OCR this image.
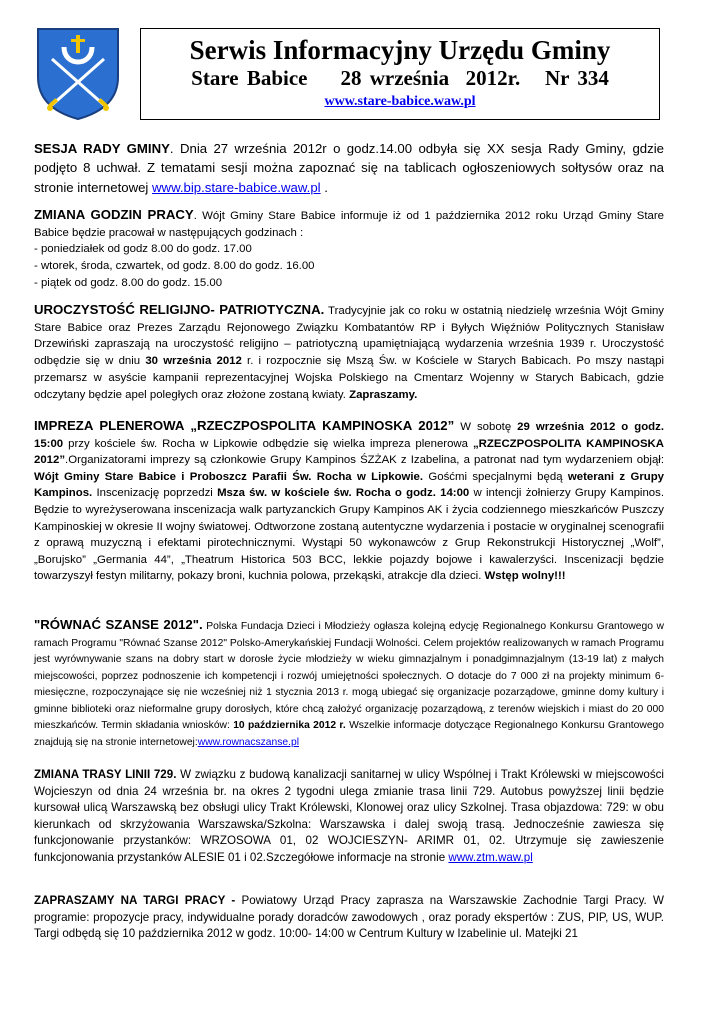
Serwis Informacyjny Urzędu Gminy
Stare Babice    28 września  2012r.   Nr 334
www.stare-babice.waw.pl

SESJA RADY GMINY. Dnia 27 września 2012r o godz.14.00 odbyła się XX sesja Rady Gminy, gdzie podjęto 8 uchwał. Z tematami sesji można zapoznać się na tablicach ogłoszeniowych sołtysów oraz na stronie internetowej www.bip.stare-babice.waw.pl .

ZMIANA GODZIN PRACY. Wójt Gminy Stare Babice informuje iż od 1 października 2012 roku Urząd Gminy Stare Babice będzie pracował w następujących godzinach :

- poniedziałek od godz 8.00 do godz. 17.00

- wtorek, środa, czwartek, od godz. 8.00 do godz. 16.00

- piątek od godz. 8.00 do godz. 15.00

UROCZYSTOŚĆ RELIGIJNO- PATRIOTYCZNA. Tradycyjnie jak co roku w ostatnią niedzielę września Wójt Gminy Stare Babice oraz Prezes Zarządu Rejonowego Związku Kombatantów RP i Byłych Więźniów Politycznych Stanisław Drzewiński zapraszają na uroczystość religijno – patriotyczną upamiętniającą wydarzenia września 1939 r. Uroczystość odbędzie się w dniu 30 września 2012 r. i rozpocznie się Mszą Św. w Kościele w Starych Babicach. Po mszy nastąpi przemarsz w asyście kampanii reprezentacyjnej Wojska Polskiego na Cmentarz Wojenny w Starych Babicach, gdzie odczytany będzie apel poległych oraz złożone zostaną kwiaty. Zapraszamy.

IMPREZA PLENEROWA „RZECZPOSPOLITA KAMPINOSKA 2012” W sobotę 29 września 2012 o godz. 15:00 przy kościele św. Rocha w Lipkowie odbędzie się wielka impreza plenerowa „RZECZPOSPOLITA KAMPINOSKA 2012”.Organizatorami imprezy są członkowie Grupy Kampinos ŚZŻAK z Izabelina, a patronat nad tym wydarzeniem objął: Wójt Gminy Stare Babice i Proboszcz Parafii Św. Rocha w Lipkowie. Gośćmi specjalnymi będą weterani z Grupy Kampinos. Inscenizację poprzedzi Msza św. w kościele św. Rocha o godz. 14:00 w intencji żołnierzy Grupy Kampinos. Będzie to wyreżyserowana inscenizacja walk partyzanckich Grupy Kampinos AK i życia codziennego mieszkańców Puszczy Kampinoskiej w okresie II wojny światowej. Odtworzone zostaną autentyczne wydarzenia i postacie w oryginalnej scenografii z oprawą muzyczną i efektami pirotechnicznymi. Wystąpi 50 wykonawców z Grup Rekonstrukcji Historycznej „Wolf”, „Borujsko” „Germania 44”, „Theatrum Historica 503 BCC, lekkie pojazdy bojowe i kawalerzyści. Inscenizacji będzie towarzyszył festyn militarny, pokazy broni, kuchnia polowa, przekąski, atrakcje dla dzieci. Wstęp wolny!!!

"RÓWNAĆ SZANSE 2012". Polska Fundacja Dzieci i Młodzieży ogłasza kolejną edycję Regionalnego Konkursu Grantowego w ramach Programu "Równać Szanse 2012" Polsko-Amerykańskiej Fundacji Wolności. Celem projektów realizowanych w ramach Programu jest wyrównywanie szans na dobry start w dorosłe życie młodzieży w wieku gimnazjalnym i ponadgimnazjalnym (13-19 lat) z małych miejscowości, poprzez podnoszenie ich kompetencji i rozwój umiejętności społecznych. O dotacje do 7 000 zł na projekty minimum 6-miesięczne, rozpoczynające się nie wcześniej niż 1 stycznia 2013 r. mogą ubiegać się organizacje pozarządowe, gminne domy kultury i gminne biblioteki oraz nieformalne grupy dorosłych, które chcą założyć organizację pozarządową, z terenów wiejskich i miast do 20 000 mieszkańców. Termin składania wniosków: 10 października 2012 r. Wszelkie informacje dotyczące Regionalnego Konkursu Grantowego znajdują się na stronie internetowej:www.rownacszanse.pl

ZMIANA TRASY LINII 729. W związku z budową kanalizacji sanitarnej w ulicy Wspólnej i Trakt Królewski w miejscowości Wojcieszyn od dnia 24 września br. na okres 2 tygodni ulega zmianie trasa linii 729. Autobus powyższej linii będzie kursował ulicą Warszawską bez obsługi ulicy Trakt Królewski, Klonowej oraz ulicy Szkolnej. Trasa objazdowa: 729: w obu kierunkach od skrzyżowania Warszawska/Szkolna: Warszawska i dalej swoją trasą. Jednocześnie zawiesza się funkcjonowanie przystanków: WRZOSOWA 01, 02 WOJCIESZYN- ARIMR 01, 02. Utrzymuje się zawieszenie funkcjonowania przystanków ALESIE 01 i 02.Szczegółowe informacje na stronie www.ztm.waw.pl

ZAPRASZAMY NA TARGI PRACY - Powiatowy Urząd Pracy zaprasza na Warszawskie Zachodnie Targi Pracy. W programie: propozycje pracy, indywidualne porady doradców zawodowych , oraz porady ekspertów : ZUS, PIP, US, WUP. Targi odbędą się 10 października 2012 w godz. 10:00- 14:00 w Centrum Kultury w Izabelinie ul. Matejki 21
